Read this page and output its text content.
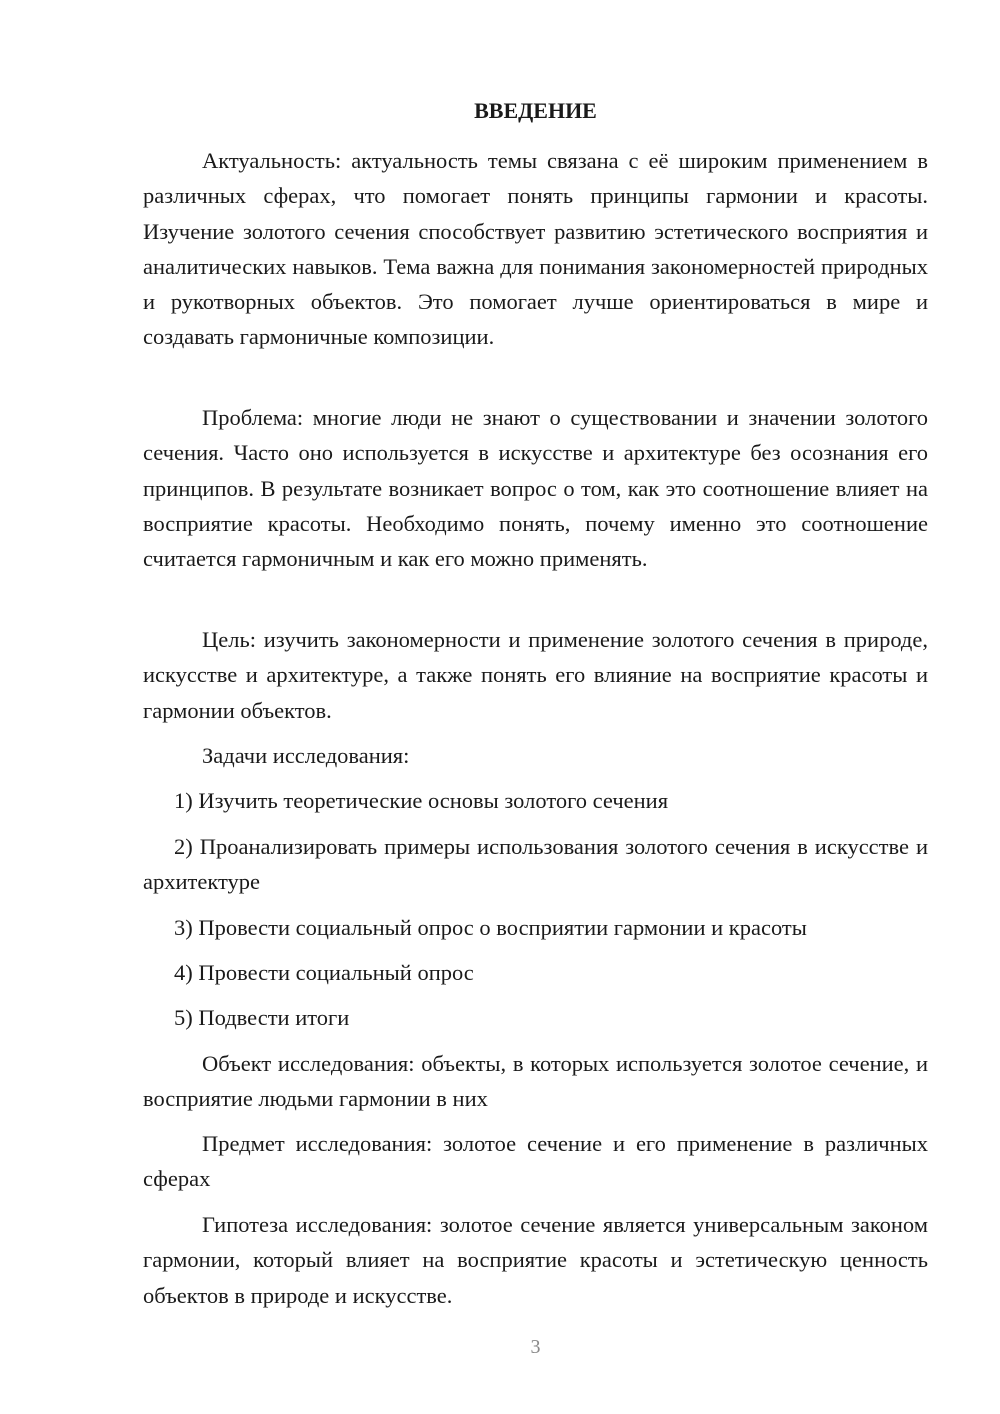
ВВЕДЕНИЕ

Актуальность: актуальность темы связана с её широким применением в различных сферах, что помогает понять принципы гармонии и красоты. Изучение золотого сечения способствует развитию эстетического восприятия и аналитических навыков. Тема важна для понимания закономерностей природных и рукотворных объектов. Это помогает лучше ориентироваться в мире и создавать гармоничные композиции.

Проблема: многие люди не знают о существовании и значении золотого сечения. Часто оно используется в искусстве и архитектуре без осознания его принципов. В результате возникает вопрос о том, как это соотношение влияет на восприятие красоты. Необходимо понять, почему именно это соотношение считается гармоничным и как его можно применять.

Цель: изучить закономерности и применение золотого сечения в природе, искусстве и архитектуре, а также понять его влияние на восприятие красоты и гармонии объектов.

Задачи исследования:

1) Изучить теоретические основы золотого сечения

2) Проанализировать примеры использования золотого сечения в искусстве и архитектуре

3) Провести социальный опрос о восприятии гармонии и красоты

4) Провести социальный опрос

5) Подвести итоги

Объект исследования: объекты, в которых используется золотое сечение, и восприятие людьми гармонии в них

Предмет исследования: золотое сечение и его применение в различных сферах

Гипотеза исследования: золотое сечение является универсальным законом гармонии, который влияет на восприятие красоты и эстетическую ценность объектов в природе и искусстве.

3
